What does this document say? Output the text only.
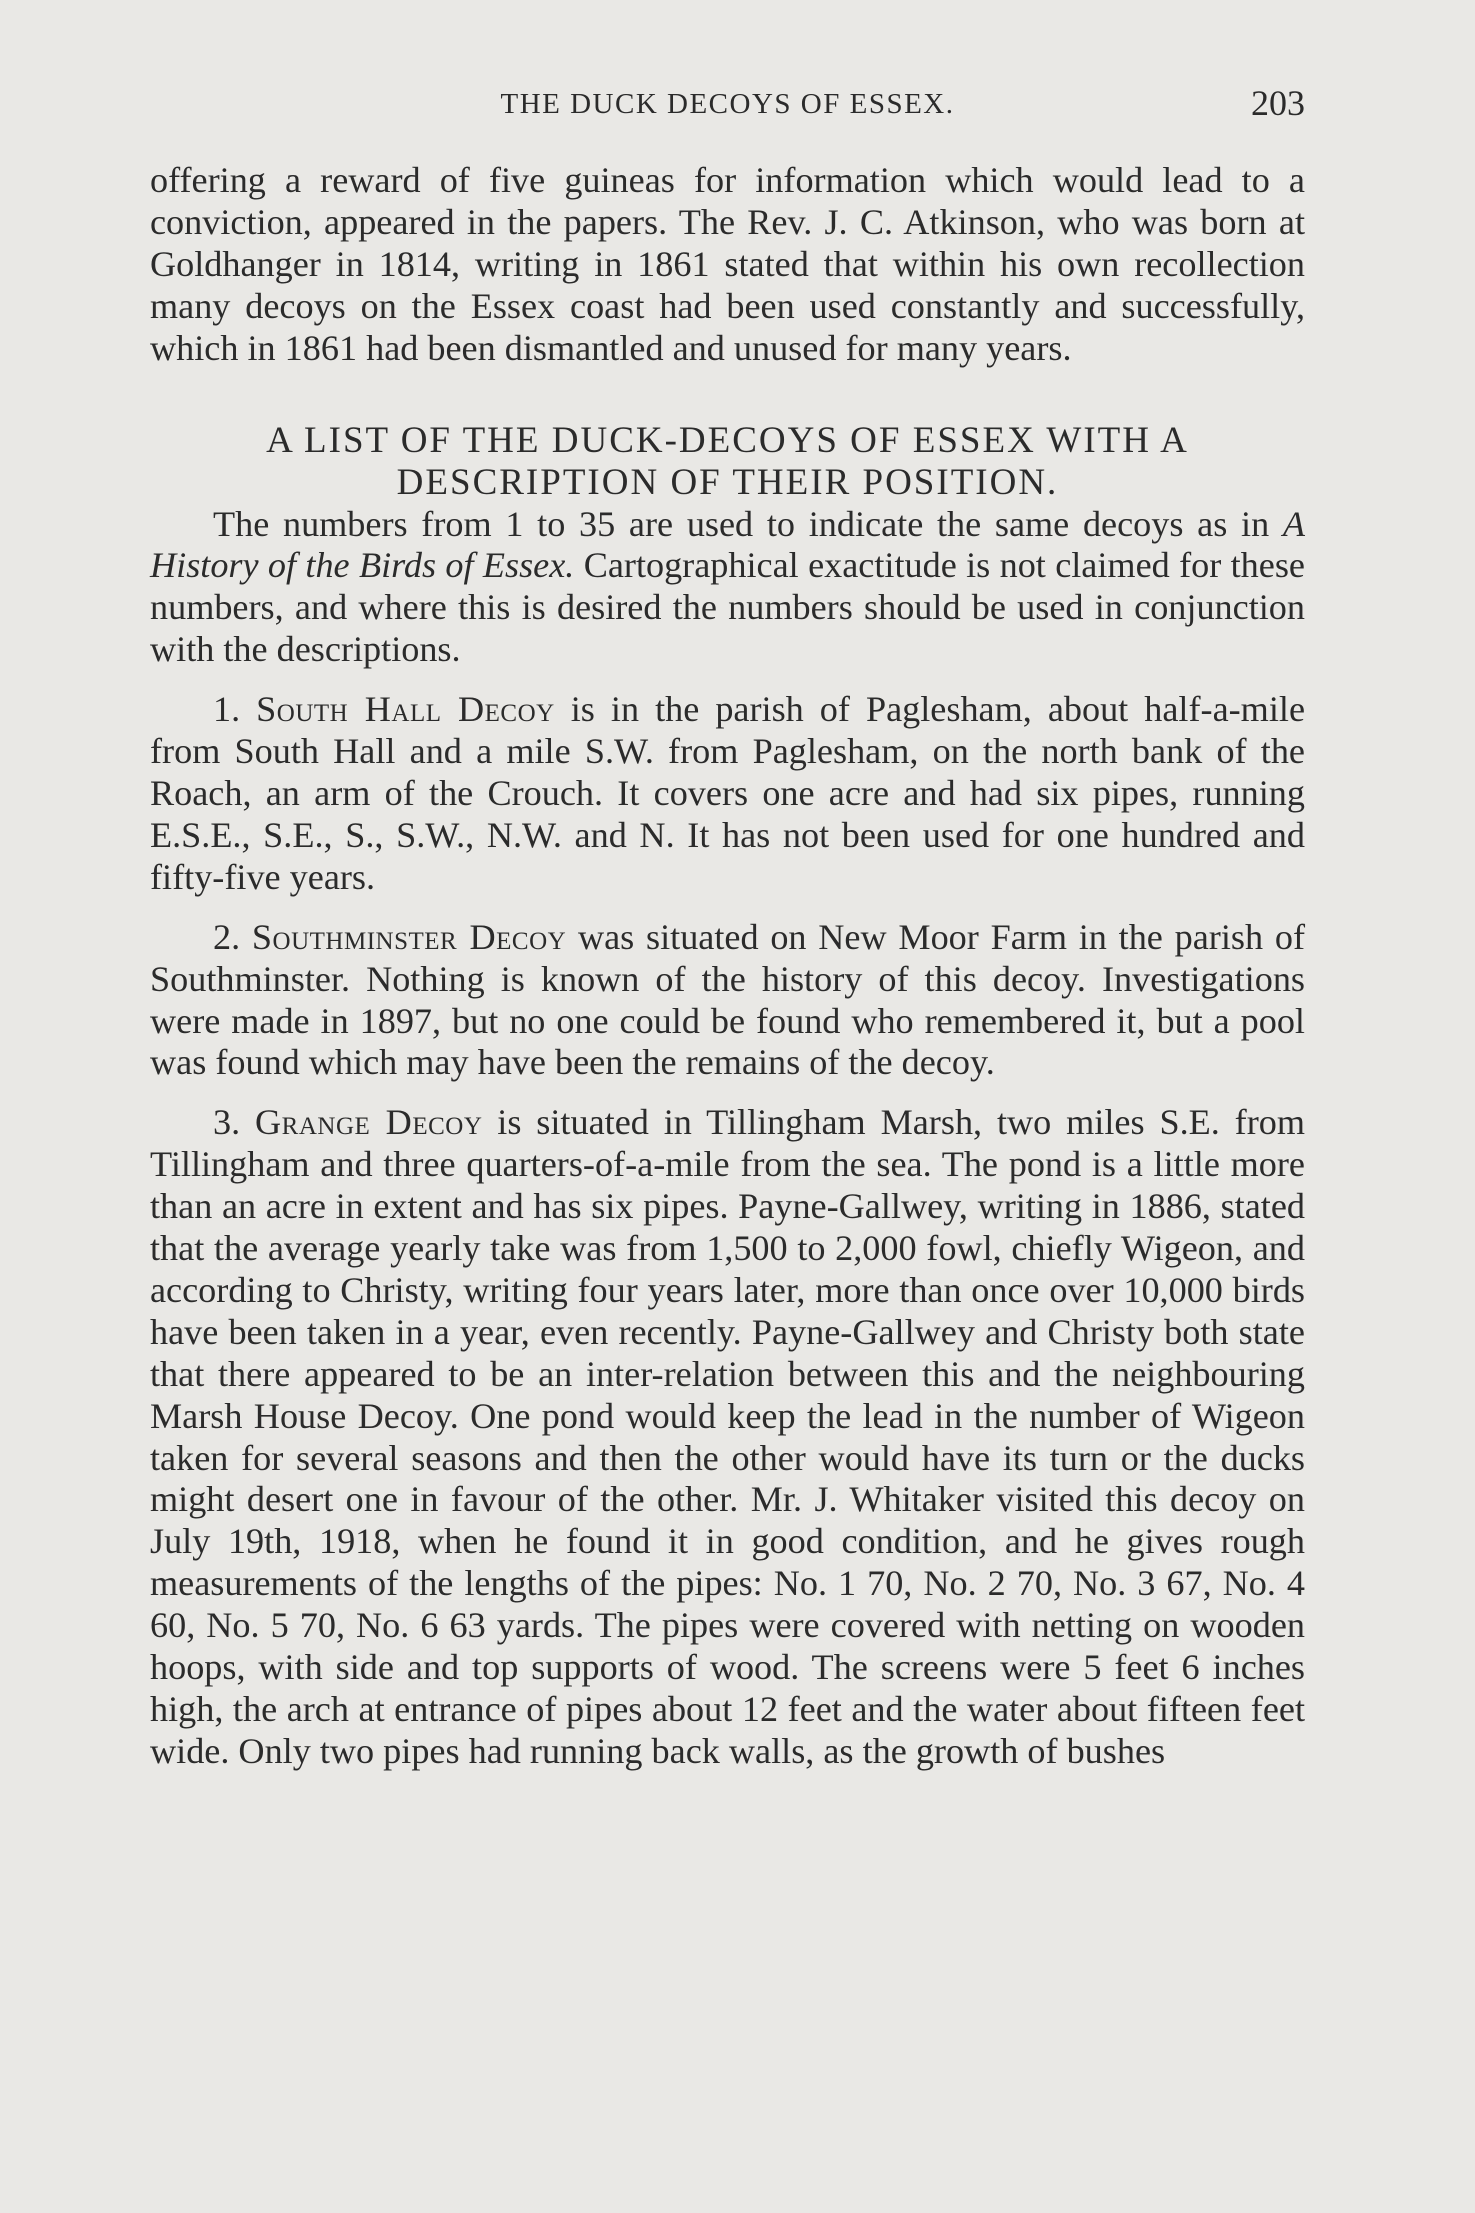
THE DUCK DECOYS OF ESSEX.	203

offering a reward of five guineas for information which would lead to a conviction, appeared in the papers. The Rev. J. C. Atkinson, who was born at Goldhanger in 1814, writing in 1861 stated that within his own recollection many decoys on the Essex coast had been used constantly and successfully, which in 1861 had been dismantled and unused for many years.

A LIST OF THE DUCK-DECOYS OF ESSEX WITH A
DESCRIPTION OF THEIR POSITION.

The numbers from 1 to 35 are used to indicate the same decoys as in A History of the Birds of Essex. Cartographical exactitude is not claimed for these numbers, and where this is desired the numbers should be used in conjunction with the descriptions.

1. South Hall Decoy is in the parish of Paglesham, about half-a-mile from South Hall and a mile S.W. from Paglesham, on the north bank of the Roach, an arm of the Crouch. It covers one acre and had six pipes, running E.S.E., S.E., S., S.W., N.W. and N. It has not been used for one hundred and fifty-five years.

2. Southminster Decoy was situated on New Moor Farm in the parish of Southminster. Nothing is known of the history of this decoy. Investigations were made in 1897, but no one could be found who remembered it, but a pool was found which may have been the remains of the decoy.

3. Grange Decoy is situated in Tillingham Marsh, two miles S.E. from Tillingham and three quarters-of-a-mile from the sea. The pond is a little more than an acre in extent and has six pipes. Payne-Gallwey, writing in 1886, stated that the average yearly take was from 1,500 to 2,000 fowl, chiefly Wigeon, and according to Christy, writing four years later, more than once over 10,000 birds have been taken in a year, even recently. Payne-Gallwey and Christy both state that there appeared to be an inter-relation between this and the neighbouring Marsh House Decoy. One pond would keep the lead in the number of Wigeon taken for several seasons and then the other would have its turn or the ducks might desert one in favour of the other. Mr. J. Whitaker visited this decoy on July 19th, 1918, when he found it in good condition, and he gives rough measurements of the lengths of the pipes: No. 1 70, No. 2 70, No. 3 67, No. 4 60, No. 5 70, No. 6 63 yards. The pipes were covered with netting on wooden hoops, with side and top supports of wood. The screens were 5 feet 6 inches high, the arch at entrance of pipes about 12 feet and the water about fifteen feet wide. Only two pipes had running back walls, as the growth of bushes
